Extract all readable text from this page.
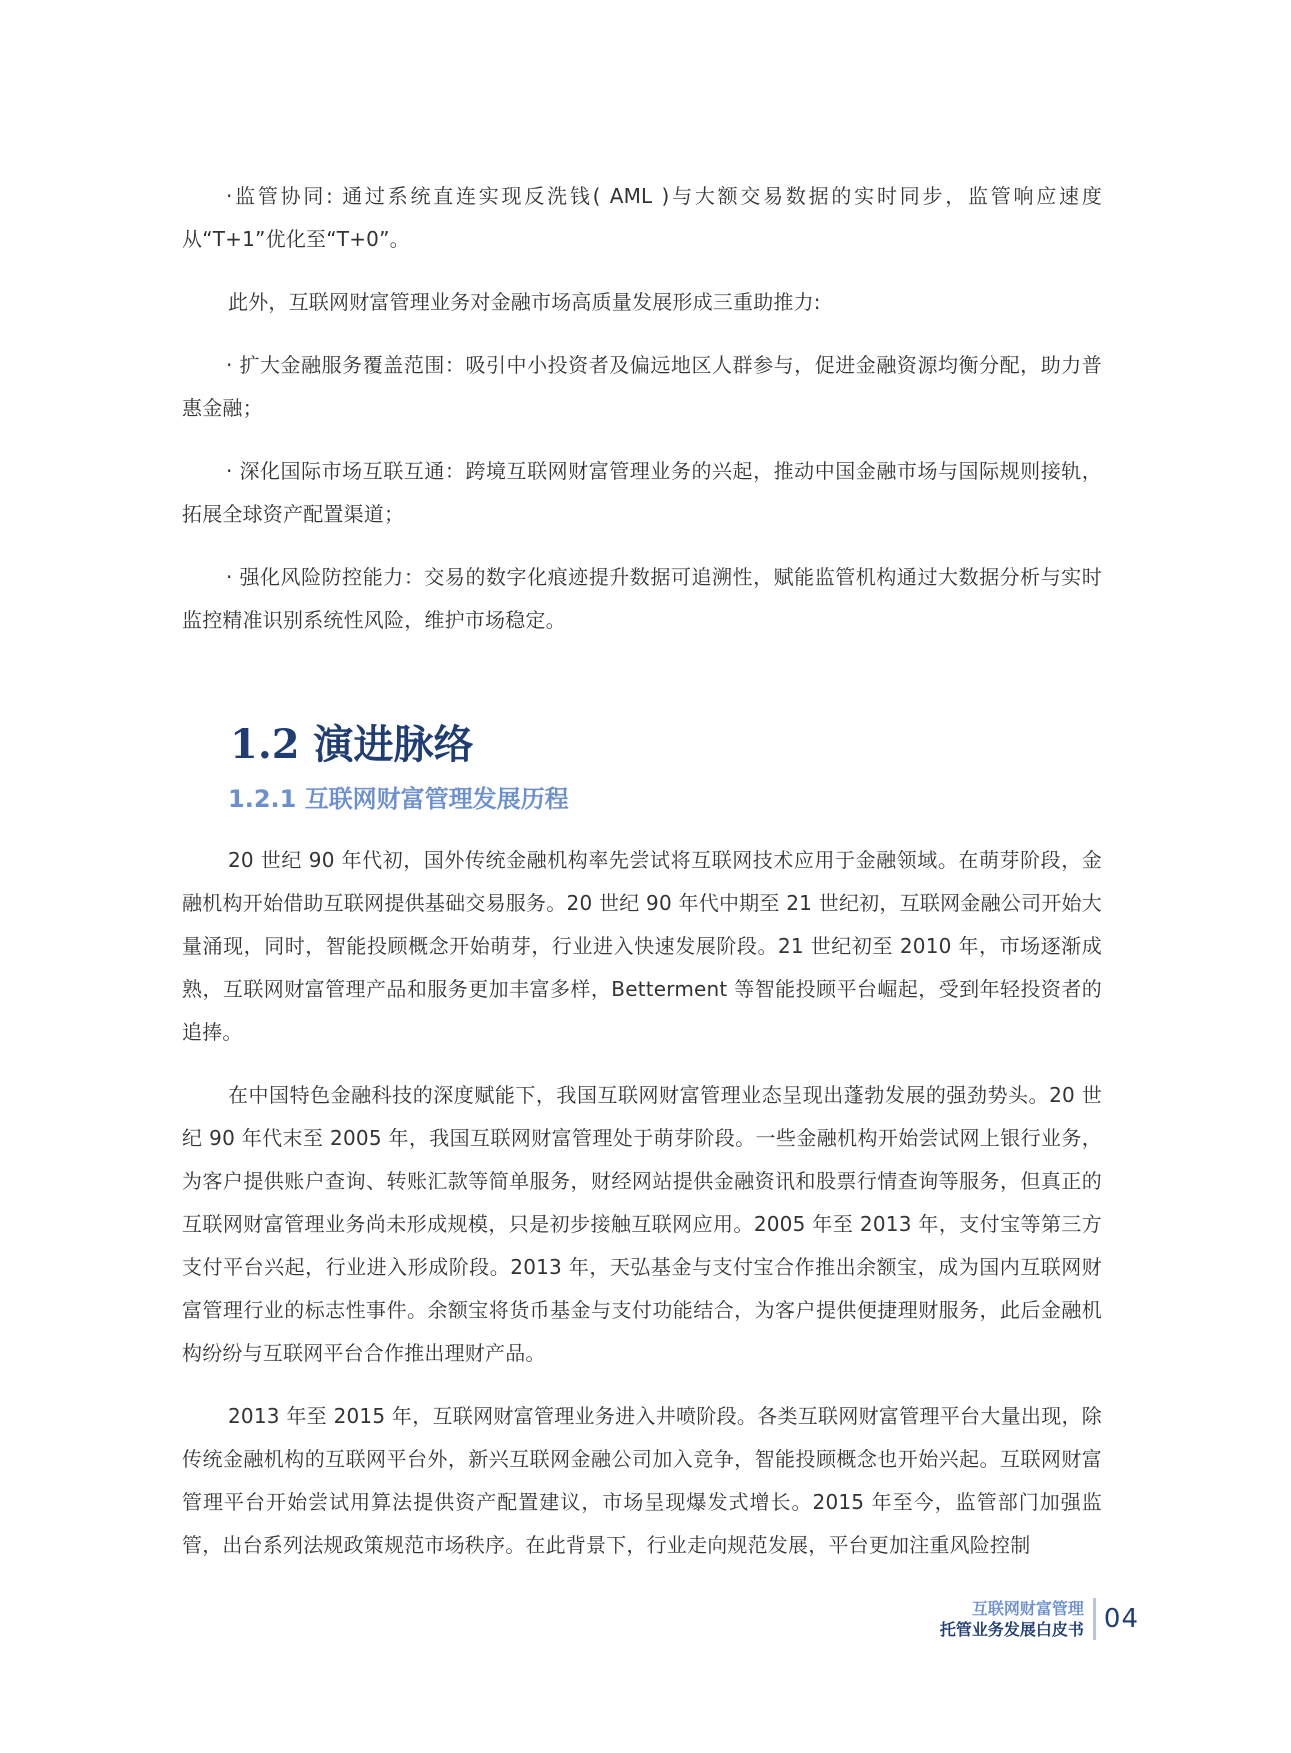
·监管协同: 通过系统直连实现反洗钱( AML )与大额交易数据的实时同步，监管响应速度从“T+1”优化至“T+0”。

此外，互联网财富管理业务对金融市场高质量发展形成三重助推力:

· 扩大金融服务覆盖范围：吸引中小投资者及偏远地区人群参与，促进金融资源均衡分配，助力普惠金融；

· 深化国际市场互联互通：跨境互联网财富管理业务的兴起，推动中国金融市场与国际规则接轨，拓展全球资产配置渠道；

· 强化风险防控能力：交易的数字化痕迹提升数据可追溯性，赋能监管机构通过大数据分析与实时监控精准识别系统性风险，维护市场稳定。

1.2 演进脉络
1.2.1 互联网财富管理发展历程

20 世纪 90 年代初，国外传统金融机构率先尝试将互联网技术应用于金融领域。在萌芽阶段，金融机构开始借助互联网提供基础交易服务。20 世纪 90 年代中期至 21 世纪初，互联网金融公司开始大量涌现，同时，智能投顾概念开始萌芽，行业进入快速发展阶段。21 世纪初至 2010 年，市场逐渐成熟，互联网财富管理产品和服务更加丰富多样，Betterment 等智能投顾平台崛起，受到年轻投资者的追捧。

在中国特色金融科技的深度赋能下，我国互联网财富管理业态呈现出蓬勃发展的强劲势头。20 世纪 90 年代末至 2005 年，我国互联网财富管理处于萌芽阶段。一些金融机构开始尝试网上银行业务，为客户提供账户查询、转账汇款等简单服务，财经网站提供金融资讯和股票行情查询等服务，但真正的互联网财富管理业务尚未形成规模，只是初步接触互联网应用。2005 年至 2013 年，支付宝等第三方支付平台兴起，行业进入形成阶段。2013 年，天弘基金与支付宝合作推出余额宝，成为国内互联网财富管理行业的标志性事件。余额宝将货币基金与支付功能结合，为客户提供便捷理财服务，此后金融机构纷纷与互联网平台合作推出理财产品。

2013 年至 2015 年，互联网财富管理业务进入井喷阶段。各类互联网财富管理平台大量出现，除传统金融机构的互联网平台外，新兴互联网金融公司加入竞争，智能投顾概念也开始兴起。互联网财富管理平台开始尝试用算法提供资产配置建议，市场呈现爆发式增长。2015 年至今，监管部门加强监管，出台系列法规政策规范市场秩序。在此背景下，行业走向规范发展，平台更加注重风险控制

互联网财富管理
托管业务发展白皮书 04
